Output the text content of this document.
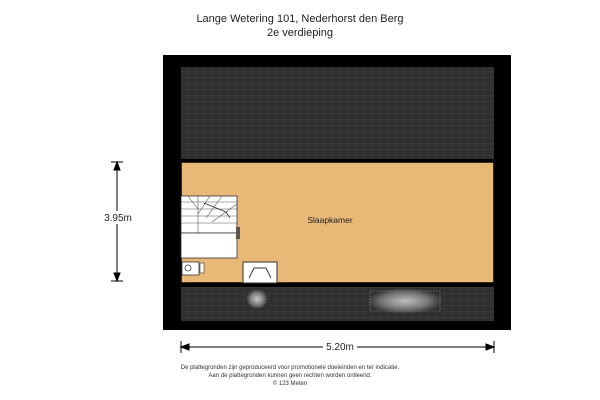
Lange Wetering 101, Nederhorst den Berg
2e verdieping
Slaapkamer
3.95m
5.20m
De plattegronden zijn geproduceerd voor promotionele doeleinden en ter indicatie.
Aan de plattegronden kunnen geen rechten worden ontleend.
© 123 Meten
